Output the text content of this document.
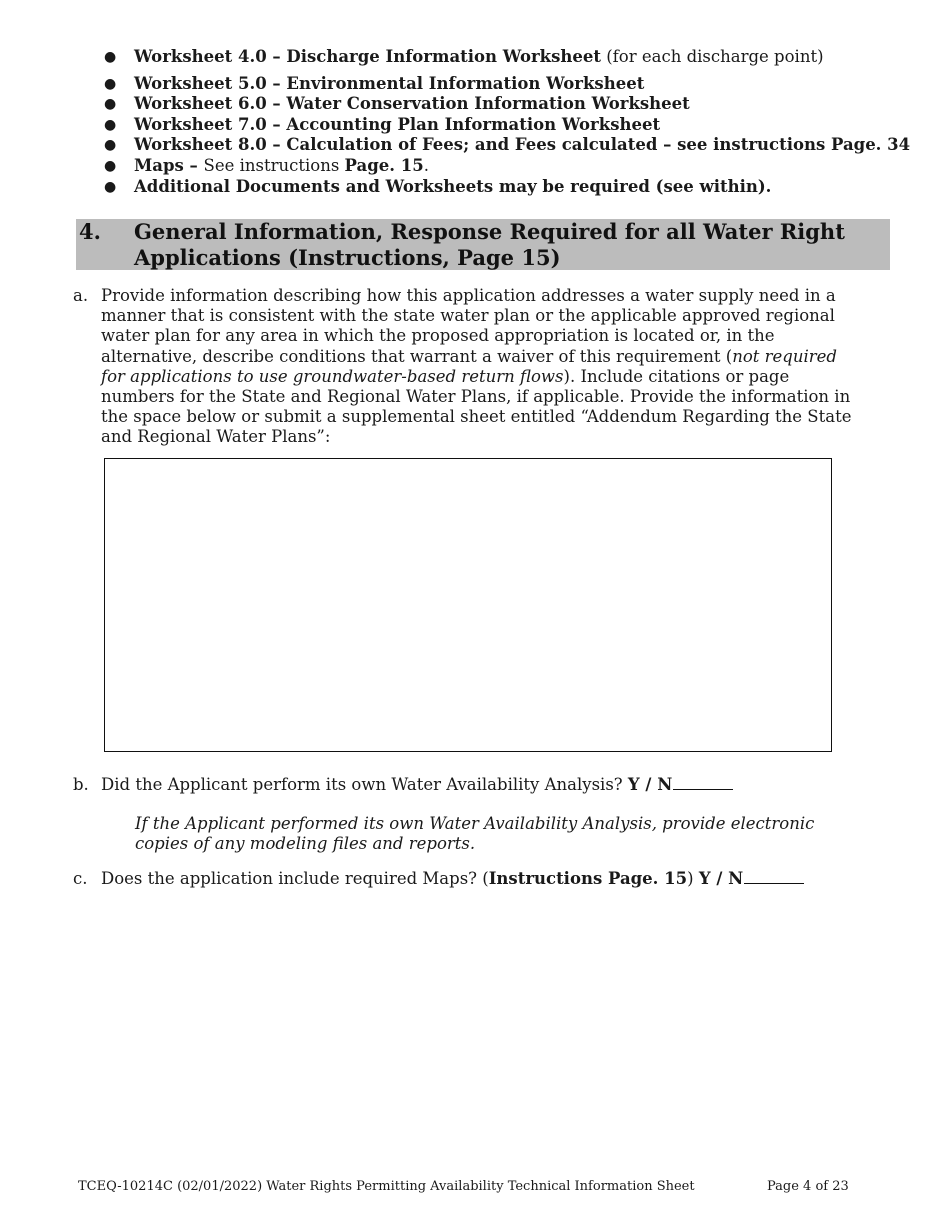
● Worksheet 4.0 – Discharge Information Worksheet (for each discharge point)
● Worksheet 5.0 – Environmental Information Worksheet
● Worksheet 6.0 – Water Conservation Information Worksheet
● Worksheet 7.0 – Accounting Plan Information Worksheet
● Worksheet 8.0 – Calculation of Fees; and Fees calculated – see instructions Page. 34
● Maps – See instructions Page. 15.
● Additional Documents and Worksheets may be required (see within).
4. General Information, Response Required for all Water Right Applications (Instructions, Page 15)
a. Provide information describing how this application addresses a water supply need in a manner that is consistent with the state water plan or the applicable approved regional water plan for any area in which the proposed appropriation is located or, in the alternative, describe conditions that warrant a waiver of this requirement (not required for applications to use groundwater-based return flows). Include citations or page numbers for the State and Regional Water Plans, if applicable. Provide the information in the space below or submit a supplemental sheet entitled “Addendum Regarding the State and Regional Water Plans”:
b. Did the Applicant perform its own Water Availability Analysis? Y / N
If the Applicant performed its own Water Availability Analysis, provide electronic copies of any modeling files and reports.
c. Does the application include required Maps? (Instructions Page. 15) Y / N
TCEQ-10214C (02/01/2022) Water Rights Permitting Availability Technical Information Sheet	Page 4 of 23
